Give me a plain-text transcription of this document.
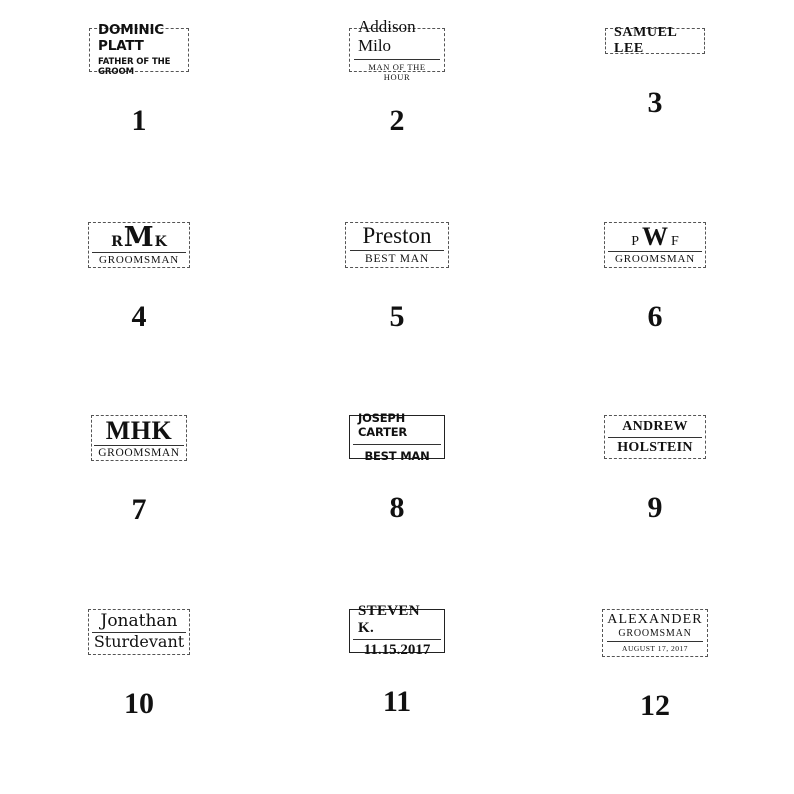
DOMINIC PLATT
FATHER OF THE GROOM
1
Addison Milo
MAN OF THE HOUR
2
SAMUEL LEE
3
R M K
GROOMSMAN
4
Preston
BEST MAN
5
P W F
GROOMSMAN
6
MHK
GROOMSMAN
7
JOSEPH CARTER
BEST MAN
8
ANDREW
HOLSTEIN
9
Jonathan
Sturdevant
10
STEVEN K.
11.15.2017
11
ALEXANDER
GROOMSMAN
AUGUST 17, 2017
12
